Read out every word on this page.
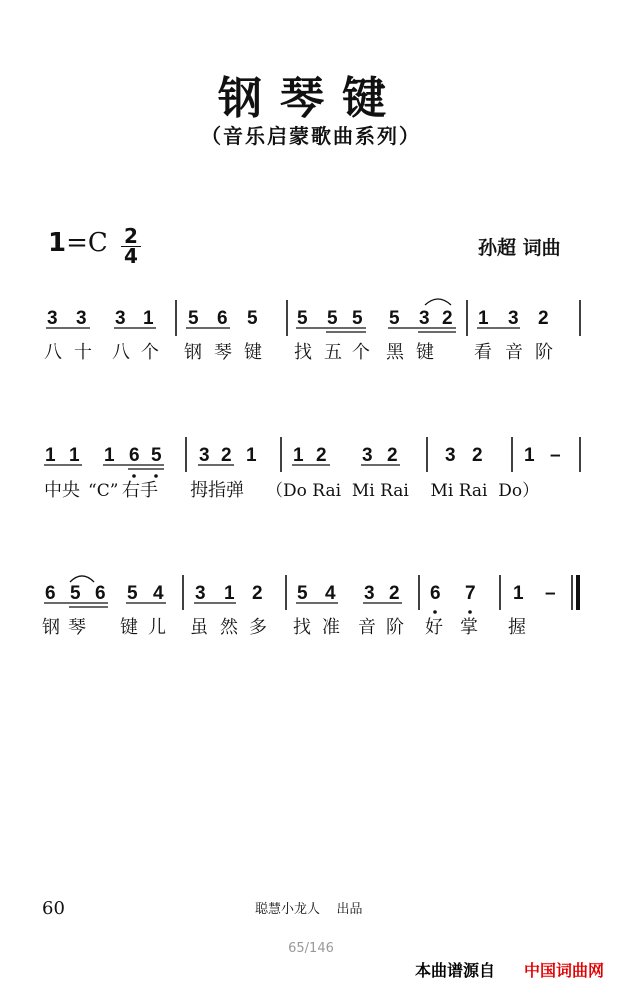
钢琴键
（音乐启蒙歌曲系列）
1=C 2
4	孙超 词曲
3 3 3 1 5 6 5 5 5 5 5 3 2 1 3 2
八 十 八 个 钢 琴 键 找 五 个 黑 键 看 音 阶
1 1 1 6 5 3 2 1 1 2 3 2 3 2 1 –
中央 “C” 右手 拇指弹 （Do Rai  Mi Rai    Mi Rai  Do）
6 5 6 5 4 3 1 2 5 4 3 2 6 7 1 –
钢 琴 键 儿 虽 然 多 找 准 音 阶 好 掌 握
60	聪慧小龙人    出品
65/146
本曲谱源自 中国词曲网
